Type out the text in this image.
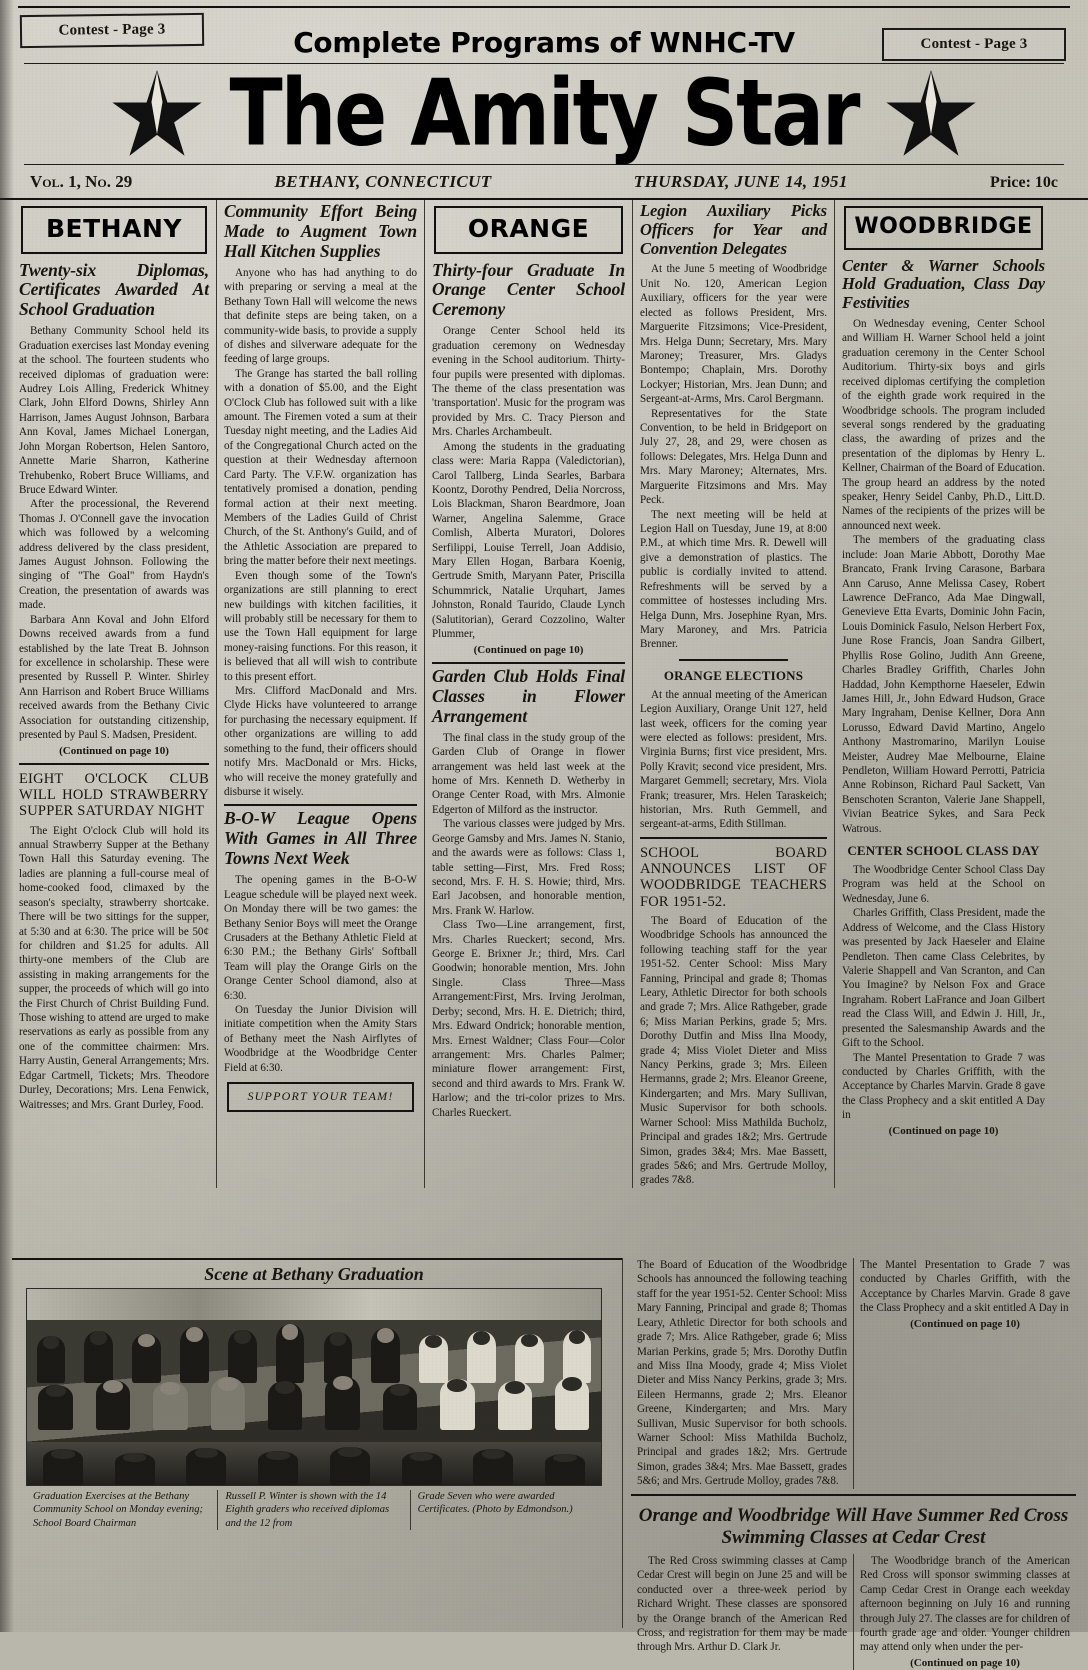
Contest - Page 3
Contest - Page 3
Complete Programs of WNHC-TV
The Amity Star
Vol. 1, No. 29	BETHANY, CONNECTICUT	THURSDAY, JUNE 14, 1951	Price: 10c
BETHANY
Twenty-six Diplomas, Certificates Awarded At School Graduation

Bethany Community School held its Graduation exercises last Monday evening at the school. The fourteen students who received diplomas of graduation were: Audrey Lois Alling, Frederick Whitney Clark, John Elford Downs, Shirley Ann Harrison, James August Johnson, Barbara Ann Koval, James Michael Lonergan, John Morgan Robertson, Helen Santoro, Annette Marie Sharron, Katherine Trehubenko, Robert Bruce Williams, and Bruce Edward Winter.

After the processional, the Reverend Thomas J. O'Connell gave the invocation which was followed by a welcoming address delivered by the class president, James August Johnson. Following the singing of "The Goal" from Haydn's Creation, the presentation of awards was made.

Barbara Ann Koval and John Elford Downs received awards from a fund established by the late Treat B. Johnson for excellence in scholarship. These were presented by Russell P. Winter. Shirley Ann Harrison and Robert Bruce Williams received awards from the Bethany Civic Association for outstanding citizenship, presented by Paul S. Madsen, President.

(Continued on page 10)

EIGHT O'CLOCK CLUB WILL HOLD STRAWBERRY SUPPER SATURDAY NIGHT

The Eight O'clock Club will hold its annual Strawberry Supper at the Bethany Town Hall this Saturday evening. The ladies are planning a full-course meal of home-cooked food, climaxed by the season's specialty, strawberry shortcake. There will be two sittings for the supper, at 5:30 and at 6:30. The price will be 50¢ for children and $1.25 for adults. All thirty-one members of the Club are assisting in making arrangements for the supper, the proceeds of which will go into the First Church of Christ Building Fund. Those wishing to attend are urged to make reservations as early as possible from any one of the committee chairmen: Mrs. Harry Austin, General Arrangements; Mrs. Edgar Cartmell, Tickets; Mrs. Theodore Durley, Decorations; Mrs. Lena Fenwick, Waitresses; and Mrs. Grant Durley, Food.

Community Effort Being Made to Augment Town Hall Kitchen Supplies

Anyone who has had anything to do with preparing or serving a meal at the Bethany Town Hall will welcome the news that definite steps are being taken, on a community-wide basis, to provide a supply of dishes and silverware adequate for the feeding of large groups.

The Grange has started the ball rolling with a donation of $5.00, and the Eight O'Clock Club has followed suit with a like amount. The Firemen voted a sum at their Tuesday night meeting, and the Ladies Aid of the Congregational Church acted on the question at their Wednesday afternoon Card Party. The V.F.W. organization has tentatively promised a donation, pending formal action at their next meeting. Members of the Ladies Guild of Christ Church, of the St. Anthony's Guild, and of the Athletic Association are prepared to bring the matter before their next meetings.

Even though some of the Town's organizations are still planning to erect new buildings with kitchen facilities, it will probably still be necessary for them to use the Town Hall equipment for large money-raising functions. For this reason, it is believed that all will wish to contribute to this present effort.

Mrs. Clifford MacDonald and Mrs. Clyde Hicks have volunteered to arrange for purchasing the necessary equipment. If other organizations are willing to add something to the fund, their officers should notify Mrs. MacDonald or Mrs. Hicks, who will receive the money gratefully and disburse it wisely.

B-O-W League Opens With Games in All Three Towns Next Week

The opening games in the B-O-W League schedule will be played next week. On Monday there will be two games: the Bethany Senior Boys will meet the Orange Crusaders at the Bethany Athletic Field at 6:30 P.M.; the Bethany Girls' Softball Team will play the Orange Girls on the Orange Center School diamond, also at 6:30.

On Tuesday the Junior Division will initiate competition when the Amity Stars of Bethany meet the Nash Airflytes of Woodbridge at the Woodbridge Center Field at 6:30.

SUPPORT YOUR TEAM!
ORANGE
Thirty-four Graduate In Orange Center School Ceremony

Orange Center School held its graduation ceremony on Wednesday evening in the School auditorium. Thirty-four pupils were presented with diplomas. The theme of the class presentation was 'transportation'. Music for the program was provided by Mrs. C. Tracy Pierson and Mrs. Charles Archambeult.

Among the students in the graduating class were: Maria Rappa (Valedictorian), Carol Tallberg, Linda Searles, Barbara Koontz, Dorothy Pendred, Delia Norcross, Lois Blackman, Sharon Beardmore, Joan Warner, Angelina Salemme, Grace Comlish, Alberta Muratori, Dolores Serfilippi, Louise Terrell, Joan Addisio, Mary Ellen Hogan, Barbara Koenig, Gertrude Smith, Maryann Pater, Priscilla Schummrick, Natalie Urquhart, James Johnston, Ronald Taurido, Claude Lynch (Salutitorian), Gerard Cozzolino, Walter Plummer,

(Continued on page 10)

Garden Club Holds Final Classes in Flower Arrangement

The final class in the study group of the Garden Club of Orange in flower arrangement was held last week at the home of Mrs. Kenneth D. Wetherby in Orange Center Road, with Mrs. Almonie Edgerton of Milford as the instructor.

The various classes were judged by Mrs. George Gamsby and Mrs. James N. Stanio, and the awards were as follows: Class 1, table setting—First, Mrs. Fred Ross; second, Mrs. F. H. S. Howie; third, Mrs. Earl Jacobsen, and honorable mention, Mrs. Frank W. Harlow.

Class Two—Line arrangement, first, Mrs. Charles Rueckert; second, Mrs. George E. Brixner Jr.; third, Mrs. Carl Goodwin; honorable mention, Mrs. John Single. Class Three—Mass Arrangement:First, Mrs. Irving Jerolman, Derby; second, Mrs. H. E. Dietrich; third, Mrs. Edward Ondrick; honorable mention, Mrs. Ernest Waldner; Class Four—Color arrangement: Mrs. Charles Palmer; miniature flower arrangement: First, second and third awards to Mrs. Frank W. Harlow; and the tri-color prizes to Mrs. Charles Rueckert.

Legion Auxiliary Picks Officers for Year and Convention Delegates

At the June 5 meeting of Woodbridge Unit No. 120, American Legion Auxiliary, officers for the year were elected as follows President, Mrs. Marguerite Fitzsimons; Vice-President, Mrs. Helga Dunn; Secretary, Mrs. Mary Maroney; Treasurer, Mrs. Gladys Bontempo; Chaplain, Mrs. Dorothy Lockyer; Historian, Mrs. Jean Dunn; and Sergeant-at-Arms, Mrs. Carol Bergmann.

Representatives for the State Convention, to be held in Bridgeport on July 27, 28, and 29, were chosen as follows: Delegates, Mrs. Helga Dunn and Mrs. Mary Maroney; Alternates, Mrs. Marguerite Fitzsimons and Mrs. May Peck.

The next meeting will be held at Legion Hall on Tuesday, June 19, at 8:00 P.M., at which time Mrs. R. Dewell will give a demonstration of plastics. The public is cordially invited to attend. Refreshments will be served by a committee of hostesses including Mrs. Helga Dunn, Mrs. Josephine Ryan, Mrs. Mary Maroney, and Mrs. Patricia Brenner.

ORANGE ELECTIONS

At the annual meeting of the American Legion Auxiliary, Orange Unit 127, held last week, officers for the coming year were elected as follows: president, Mrs. Virginia Burns; first vice president, Mrs. Polly Kravit; second vice president, Mrs. Margaret Gemmell; secretary, Mrs. Viola Frank; treasurer, Mrs. Helen Taraskeich; historian, Mrs. Ruth Gemmell, and sergeant-at-arms, Edith Stillman.

SCHOOL BOARD ANNOUNCES LIST OF WOODBRIDGE TEACHERS FOR 1951-52.

The Board of Education of the Woodbridge Schools has announced the following teaching staff for the year 1951-52. Center School: Miss Mary Fanning, Principal and grade 8; Thomas Leary, Athletic Director for both schools and grade 7; Mrs. Alice Rathgeber, grade 6; Miss Marian Perkins, grade 5; Mrs. Dorothy Dutfin and Miss Ilna Moody, grade 4; Miss Violet Dieter and Miss Nancy Perkins, grade 3; Mrs. Eileen Hermanns, grade 2; Mrs. Eleanor Greene, Kindergarten; and Mrs. Mary Sullivan, Music Supervisor for both schools. Warner School: Miss Mathilda Bucholz, Principal and grades 1&2; Mrs. Gertrude Simon, grades 3&4; Mrs. Mae Bassett, grades 5&6; and Mrs. Gertrude Molloy, grades 7&8.

WOODBRIDGE
Center & Warner Schools Hold Graduation, Class Day Festivities

On Wednesday evening, Center School and William H. Warner School held a joint graduation ceremony in the Center School Auditorium. Thirty-six boys and girls received diplomas certifying the completion of the eighth grade work required in the Woodbridge schools. The program included several songs rendered by the graduating class, the awarding of prizes and the presentation of the diplomas by Henry L. Kellner, Chairman of the Board of Education. The group heard an address by the noted speaker, Henry Seidel Canby, Ph.D., Litt.D. Names of the recipients of the prizes will be announced next week.

The members of the graduating class include: Joan Marie Abbott, Dorothy Mae Brancato, Frank Irving Carasone, Barbara Ann Caruso, Anne Melissa Casey, Robert Lawrence DeFranco, Ada Mae Dingwall, Genevieve Etta Evarts, Dominic John Facin, Louis Dominick Fasulo, Nelson Herbert Fox, June Rose Francis, Joan Sandra Gilbert, Phyllis Rose Golino, Judith Ann Greene, Charles Bradley Griffith, Charles John Haddad, John Kempthorne Haeseler, Edwin James Hill, Jr., John Edward Hudson, Grace Mary Ingraham, Denise Kellner, Dora Ann Lorusso, Edward David Martino, Angelo Anthony Mastromarino, Marilyn Louise Meister, Audrey Mae Melbourne, Elaine Pendleton, William Howard Perrotti, Patricia Anne Robinson, Richard Paul Sackett, Van Benschoten Scranton, Valerie Jane Shappell, Vivian Beatrice Sykes, and Sara Peck Watrous.

CENTER SCHOOL CLASS DAY

The Woodbridge Center School Class Day Program was held at the School on Wednesday, June 6.

Charles Griffith, Class President, made the Address of Welcome, and the Class History was presented by Jack Haeseler and Elaine Pendleton. Then came Class Celebrites, by Valerie Shappell and Van Scranton, and Can You Imagine? by Nelson Fox and Grace Ingraham. Robert LaFrance and Joan Gilbert read the Class Will, and Edwin J. Hill, Jr., presented the Salesmanship Awards and the Gift to the School.

The Mantel Presentation to Grade 7 was conducted by Charles Griffith, with the Acceptance by Charles Marvin. Grade 8 gave the Class Prophecy and a skit entitled A Day in

(Continued on page 10)

Scene at Bethany Graduation
Graduation Exercises at the Bethany Community School on Monday evening; School Board Chairman
Russell P. Winter is shown with the 14 Eighth graders who received diplomas and the 12 from
Grade Seven who were awarded Certificates. (Photo by Edmondson.)

The Board of Education of the Woodbridge Schools has announced the following teaching staff for the year 1951-52. Center School: Miss Mary Fanning, Principal and grade 8; Thomas Leary, Athletic Director for both schools and grade 7; Mrs. Alice Rathgeber, grade 6; Miss Marian Perkins, grade 5; Mrs. Dorothy Dutfin and Miss Ilna Moody, grade 4; Miss Violet Dieter and Miss Nancy Perkins, grade 3; Mrs. Eileen Hermanns, grade 2; Mrs. Eleanor Greene, Kindergarten; and Mrs. Mary Sullivan, Music Supervisor for both schools. Warner School: Miss Mathilda Bucholz, Principal and grades 1&2; Mrs. Gertrude Simon, grades 3&4; Mrs. Mae Bassett, grades 5&6; and Mrs. Gertrude Molloy, grades 7&8.

The Mantel Presentation to Grade 7 was conducted by Charles Griffith, with the Acceptance by Charles Marvin. Grade 8 gave the Class Prophecy and a skit entitled A Day in

(Continued on page 10)

Orange and Woodbridge Will Have Summer Red Cross Swimming Classes at Cedar Crest

The Red Cross swimming classes at Camp Cedar Crest will begin on June 25 and will be conducted over a three-week period by Richard Wright. These classes are sponsored by the Orange branch of the American Red Cross, and registration for them may be made through Mrs. Arthur D. Clark Jr.

The Woodbridge branch of the American Red Cross will sponsor swimming classes at Camp Cedar Crest in Orange each weekday afternoon beginning on July 16 and running through July 27. The classes are for children of fourth grade age and older. Younger children may attend only when under the per-

(Continued on page 10)
